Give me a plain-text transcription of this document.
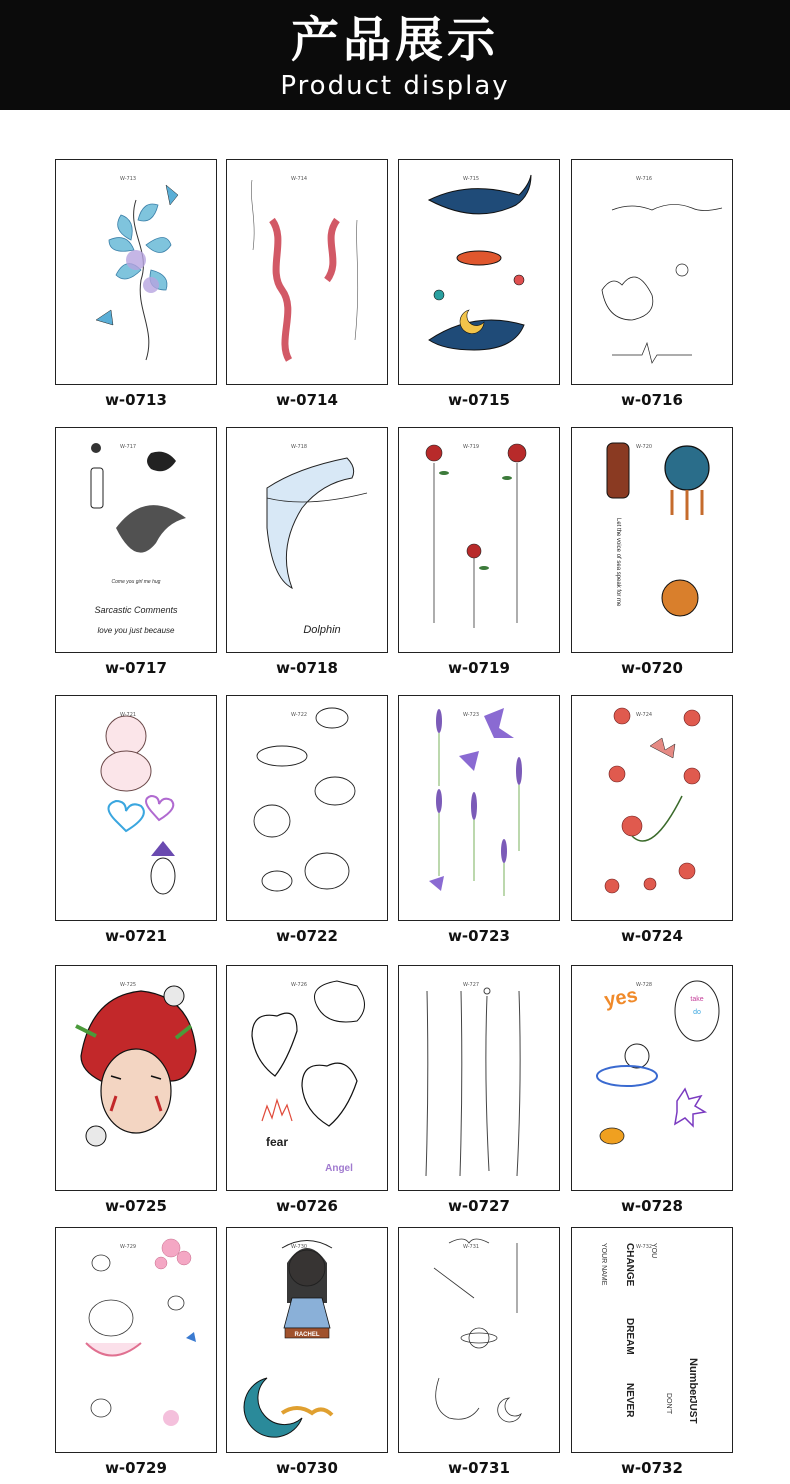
产品展示
Product display
W-713
w-0713
W-714
w-0714
W-715
w-0715
W-716
w-0716
Come you girl me hug
Sarcastic Comments
love you just because
W-717
w-0717
Dolphin
W-718
w-0718
W-719
w-0719
Let the voice of sea speak for me
W-720
w-0720
W-721
w-0721
W-722
w-0722
W-723
w-0723
W-724
w-0724
W-725
w-0725
fear
Angel
W-726
w-0726
W-727
w-0727
yes	take
do
W-728
w-0728
W-729
w-0729
RACHEL
W-730
w-0730
W-731
w-0731
CHANGE
DREAM
NEVER
Number
JUST
YOUR NAME	YOU
DON'T
W-732
w-0732
